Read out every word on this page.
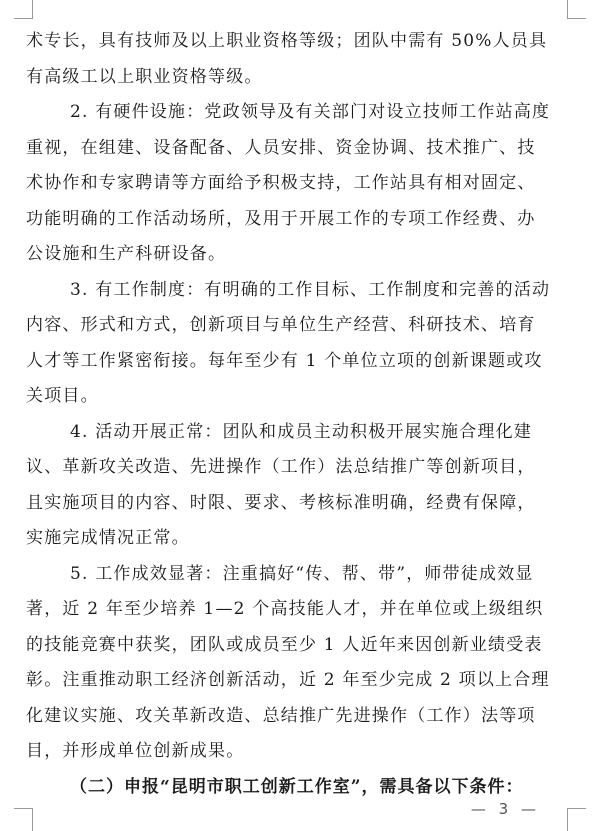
术专长，具有技师及以上职业资格等级；团队中需有 50%人员具
有高级工以上职业资格等级。
2. 有硬件设施：党政领导及有关部门对设立技师工作站高度
重视，在组建、设备配备、人员安排、资金协调、技术推广、技
术协作和专家聘请等方面给予积极支持，工作站具有相对固定、
功能明确的工作活动场所，及用于开展工作的专项工作经费、办
公设施和生产科研设备。
3. 有工作制度：有明确的工作目标、工作制度和完善的活动
内容、形式和方式，创新项目与单位生产经营、科研技术、培育
人才等工作紧密衔接。每年至少有 1 个单位立项的创新课题或攻
关项目。
4. 活动开展正常：团队和成员主动积极开展实施合理化建
议、革新攻关改造、先进操作（工作）法总结推广等创新项目，
且实施项目的内容、时限、要求、考核标准明确，经费有保障，
实施完成情况正常。
5. 工作成效显著：注重搞好“传、帮、带”，师带徒成效显
著，近 2 年至少培养 1—2 个高技能人才，并在单位或上级组织
的技能竞赛中获奖，团队或成员至少 1 人近年来因创新业绩受表
彰。注重推动职工经济创新活动，近 2 年至少完成 2 项以上合理
化建议实施、攻关革新改造、总结推广先进操作（工作）法等项
目，并形成单位创新成果。
（二）申报“昆明市职工创新工作室”，需具备以下条件：
— 3 —
